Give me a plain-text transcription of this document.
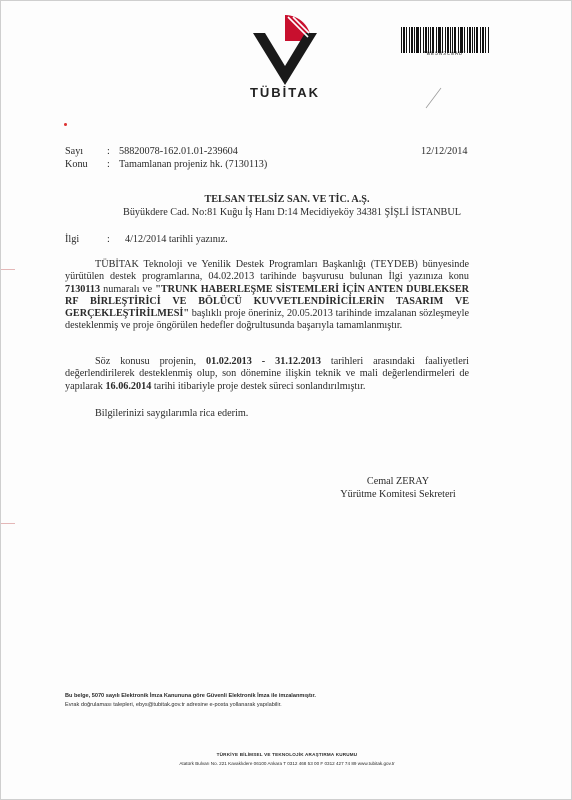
TÜBİTAK
*BE5N3C8AD*
Sayı : 58820078-162.01.01-239604	12/12/2014
Konu : Tamamlanan projeniz hk. (7130113)
TELSAN TELSİZ SAN. VE TİC. A.Ş.
Büyükdere Cad. No:81 Kuğu İş Hanı D:14 Mecidiyeköy 34381 ŞİŞLİ İSTANBUL
İlgi	: 4/12/2014 tarihli yazınız.

TÜBİTAK Teknoloji ve Yenilik Destek Programları Başkanlığı (TEYDEB) bünyesinde yürütülen destek programlarına, 04.02.2013 tarihinde başvurusu bulunan İlgi yazınıza konu 7130113 numaralı ve "TRUNK HABERLEŞME SİSTEMLERİ İÇİN ANTEN DUBLEKSER RF BİRLEŞTİRİCİ VE BÖLÜCÜ KUVVETLENDİRİCİLERİN TASARIM VE GERÇEKLEŞTİRİLMESİ" başlıklı proje öneriniz, 20.05.2013 tarihinde imzalanan sözleşmeyle desteklenmiş ve proje öngörülen hedefler doğrultusunda başarıyla tamamlanmıştır.

Söz konusu projenin, 01.02.2013 - 31.12.2013 tarihleri arasındaki faaliyetleri değerlendirilerek desteklenmiş olup, son dönemine ilişkin teknik ve mali değerlendirmeleri de yapılarak 16.06.2014 tarihi itibariyle proje destek süreci sonlandırılmıştır.

Bilgilerinizi saygılarımla rica ederim.
Cemal ZERAY
Yürütme Komitesi Sekreteri
Bu belge, 5070 sayılı Elektronik İmza Kanununa göre Güvenli Elektronik İmza ile imzalanmıştır.
Evrak doğrulaması talepleri, ebys@tubitak.gov.tr adresine e-posta yollanarak yapılabilir.
TÜRKİYE BİLİMSEL VE TEKNOLOJİK ARAŞTIRMA KURUMU
Atatürk Bulvarı No. 221 Kavaklıdere 06100 Ankara T 0312 468 53 00 F 0312 427 74 89 www.tubitak.gov.tr
